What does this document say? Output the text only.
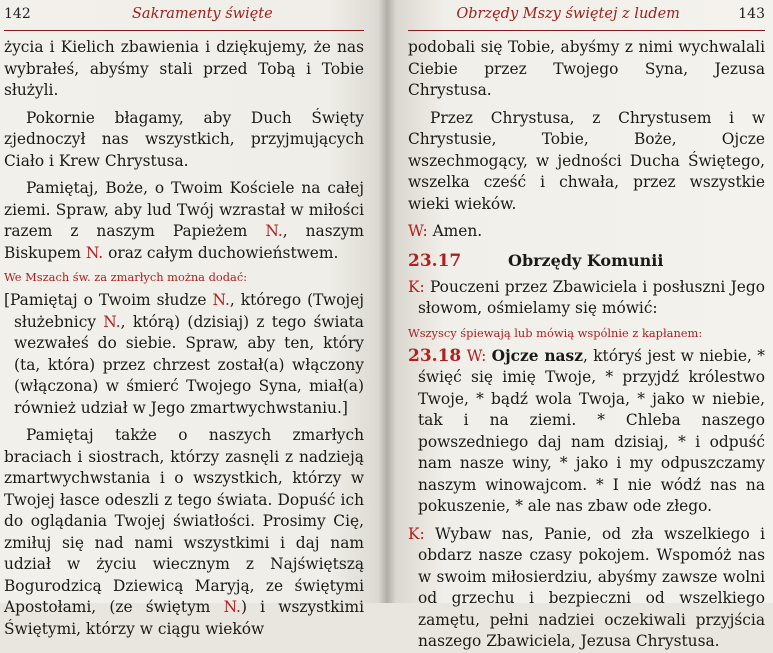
142	Sakramenty święte

życia i Kielich zbawienia i dziękujemy, że nas wybrałeś, abyśmy stali przed Tobą i Tobie służyli.

Pokornie błagamy, aby Duch Święty zjednoczył nas wszystkich, przyjmujących Ciało i Krew Chrystusa.

Pamiętaj, Boże, o Twoim Kościele na całej ziemi. Spraw, aby lud Twój wzrastał w miłości razem z naszym Papieżem N., naszym Biskupem N. oraz całym duchowieństwem.

We Mszach św. za zmarłych można dodać:

[Pamiętaj o Twoim słudze N., którego (Twojej służebnicy N., którą) (dzisiaj) z tego świata wezwałeś do siebie. Spraw, aby ten, który (ta, która) przez chrzest został(a) włączony (włączona) w śmierć Twojego Syna, miał(a) również udział w Jego zmartwychwstaniu.]

Pamiętaj także o naszych zmarłych braciach i siostrach, którzy zasnęli z nadzieją zmartwychwstania i o wszystkich, którzy w Twojej łasce odeszli z tego świata. Dopuść ich do oglądania Twojej światłości. Prosimy Cię, zmiłuj się nad nami wszystkimi i daj nam udział w życiu wiecznym z Najświętszą Bogurodzicą Dziewicą Maryją, ze świętymi Apostołami, (ze świętym N.) i wszystkimi Świętymi, którzy w ciągu wieków

Obrzędy Mszy świętej z ludem	143

podobali się Tobie, abyśmy z nimi wychwalali Ciebie przez Twojego Syna, Jezusa Chrystusa.

Przez Chrystusa, z Chrystusem i w Chrystusie, Tobie, Boże, Ojcze wszechmogący, w jedności Ducha Świętego, wszelka cześć i chwała, przez wszystkie wieki wieków.

W: Amen.

23.17	Obrzędy Komunii

K: Pouczeni przez Zbawiciela i posłuszni Jego słowom, ośmielamy się mówić:

Wszyscy śpiewają lub mówią wspólnie z kapłanem:

23.18 W: Ojcze nasz, któryś jest w niebie, * święć się imię Twoje, * przyjdź królestwo Twoje, * bądź wola Twoja, * jako w niebie, tak i na ziemi. * Chleba naszego powszedniego daj nam dzisiaj, * i odpuść nam nasze winy, * jako i my odpuszczamy naszym winowajcom. * I nie wódź nas na pokuszenie, * ale nas zbaw ode złego.

K: Wybaw nas, Panie, od zła wszelkiego i obdarz nasze czasy pokojem. Wspomóż nas w swoim miłosierdziu, abyśmy zawsze wolni od grzechu i bezpieczni od wszelkiego zamętu, pełni nadziei oczekiwali przyjścia naszego Zbawiciela, Jezusa Chrystusa.
